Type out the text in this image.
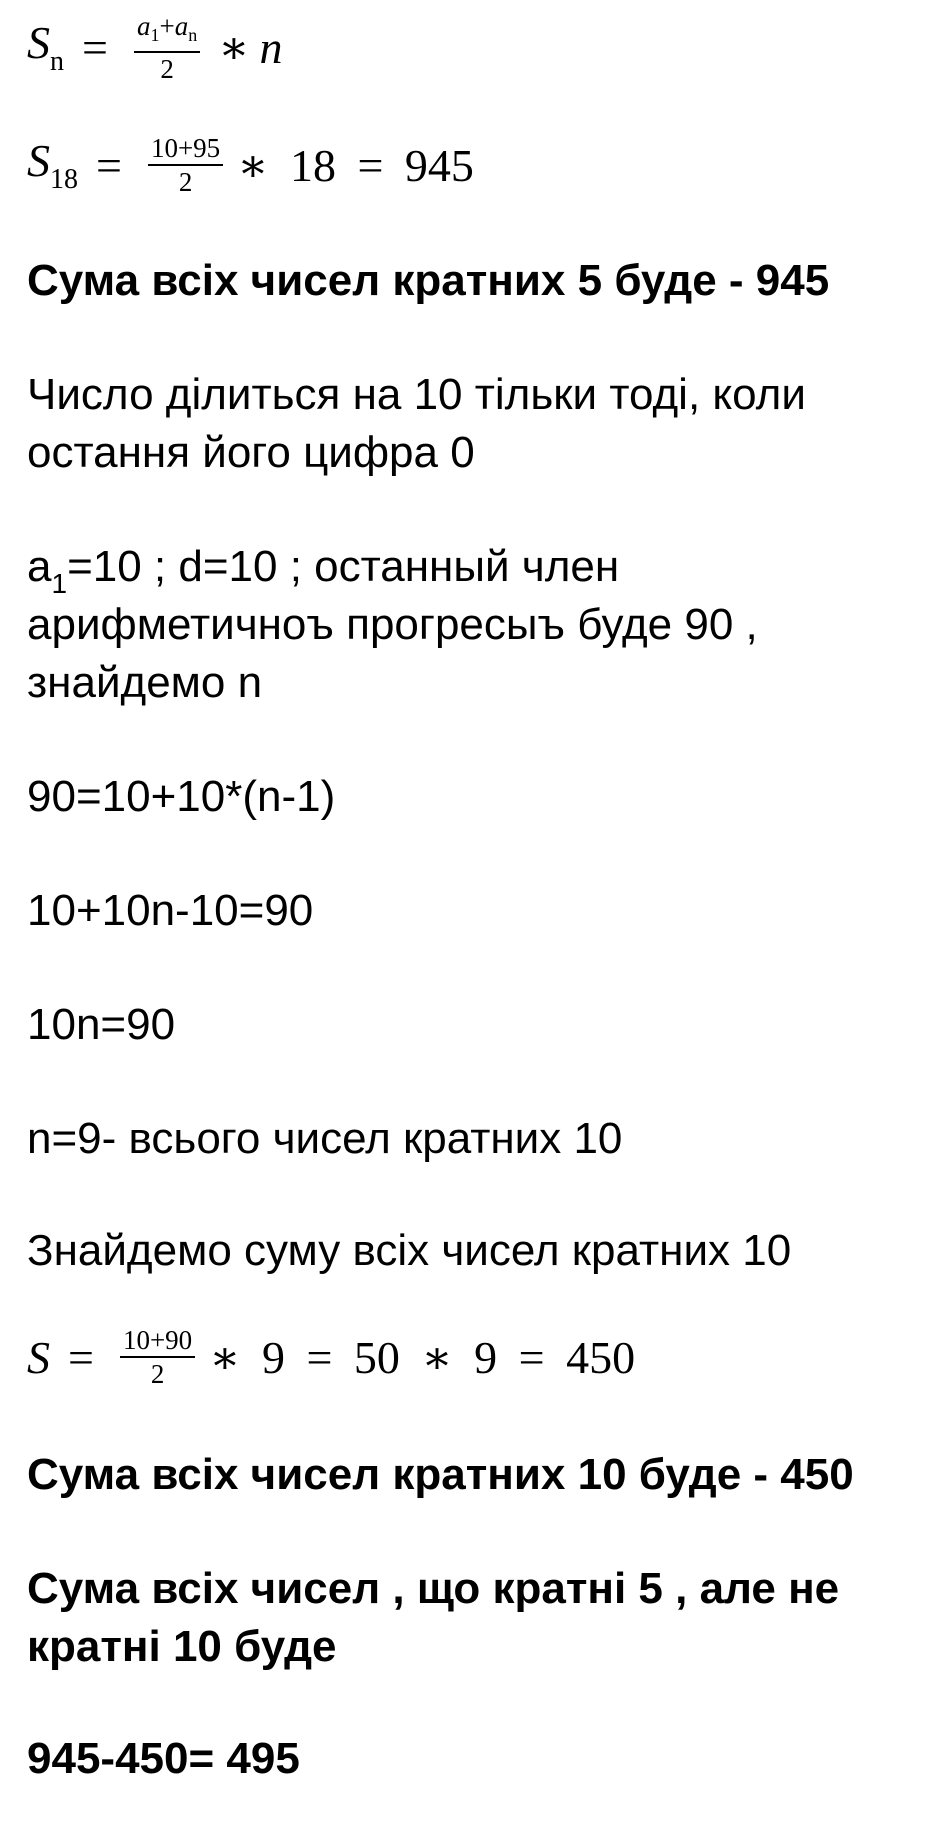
$S_n = \frac{a_1+a_n}{2}$ ∗ n
$S_{18} = \frac{10+95}{2}$ ∗ 18 = 945
Сума всіх чисел кратних 5 буде - 945
Число ділиться на 10 тільки тоді, коли
остання його цифра 0
$a_1=10$ ; d=10 ; останный член
арифметичноъ прогресыъ буде 90 ,
знайдемо n
90=10+10*(n-1)
10+10n-10=90
10n=90
n=9- всього чисел кратних 10
Знайдемо суму всіх чисел кратних 10
$S = \frac{10+90}{2}$ ∗ 9 = 50 ∗ 9 = 450
Сума всіх чисел кратних 10 буде - 450
Сума всіх чисел , що кратні 5 , але не
кратні 10 буде
945-450= 495
